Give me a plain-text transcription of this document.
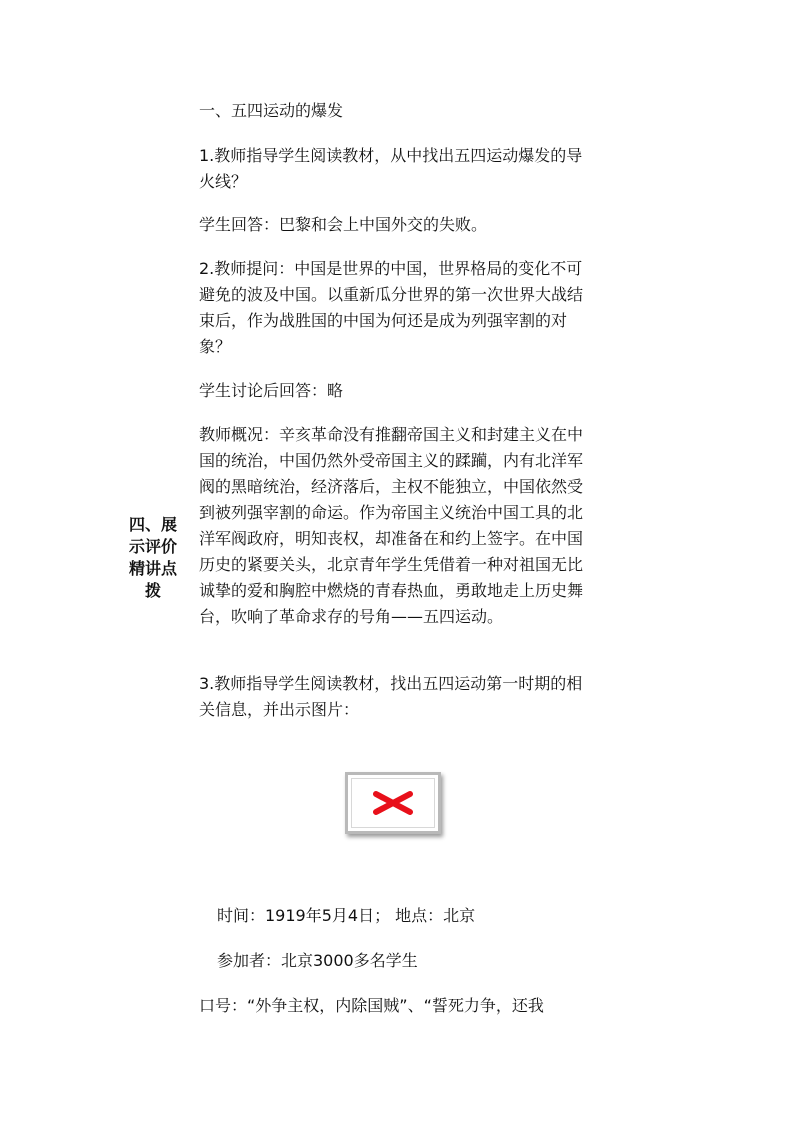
四、展
示评价
精讲点
拨

一、五四运动的爆发

1.教师指导学生阅读教材，从中找出五四运动爆发的导火线？

学生回答：巴黎和会上中国外交的失败。

2.教师提问：中国是世界的中国，世界格局的变化不可避免的波及中国。以重新瓜分世界的第一次世界大战结束后，作为战胜国的中国为何还是成为列强宰割的对象？

学生讨论后回答：略

教师概况：辛亥革命没有推翻帝国主义和封建主义在中国的统治，中国仍然外受帝国主义的蹂躏，内有北洋军阀的黑暗统治，经济落后，主权不能独立，中国依然受到被列强宰割的命运。作为帝国主义统治中国工具的北洋军阀政府，明知丧权，却准备在和约上签字。在中国历史的紧要关头，北京青年学生凭借着一种对祖国无比诚挚的爱和胸腔中燃烧的青春热血，勇敢地走上历史舞台，吹响了革命求存的号角——五四运动。

3.教师指导学生阅读教材，找出五四运动第一时期的相关信息，并出示图片：

时间：1919年5月4日； 地点：北京

参加者：北京3000多名学生

口号：“外争主权，内除国贼”、“誓死力争，还我
